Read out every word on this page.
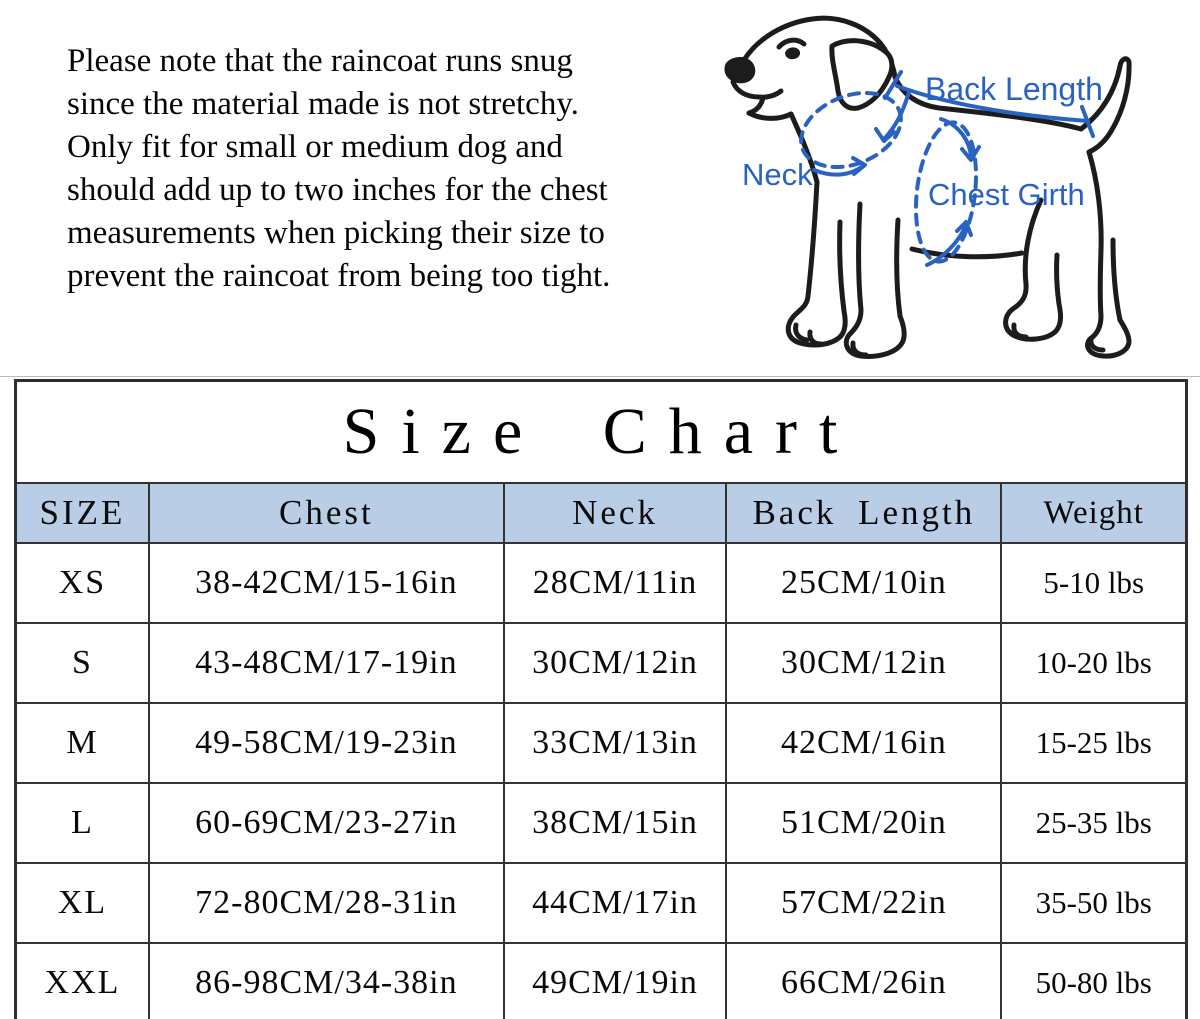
Please note that the raincoat runs snug
since the material made is not stretchy.
Only fit for small or medium dog and
should add up to two inches for the chest
measurements when picking their size to
prevent the raincoat from being too tight.
Back Length
Neck
Chest Girth
Size Chart				
SIZE	Chest	Neck	Back Length	Weight
XS	38-42CM/15-16in	28CM/11in	25CM/10in	5-10 lbs
S	43-48CM/17-19in	30CM/12in	30CM/12in	10-20 lbs
M	49-58CM/19-23in	33CM/13in	42CM/16in	15-25 lbs
L	60-69CM/23-27in	38CM/15in	51CM/20in	25-35 lbs
XL	72-80CM/28-31in	44CM/17in	57CM/22in	35-50 lbs
XXL	86-98CM/34-38in	49CM/19in	66CM/26in	50-80 lbs
